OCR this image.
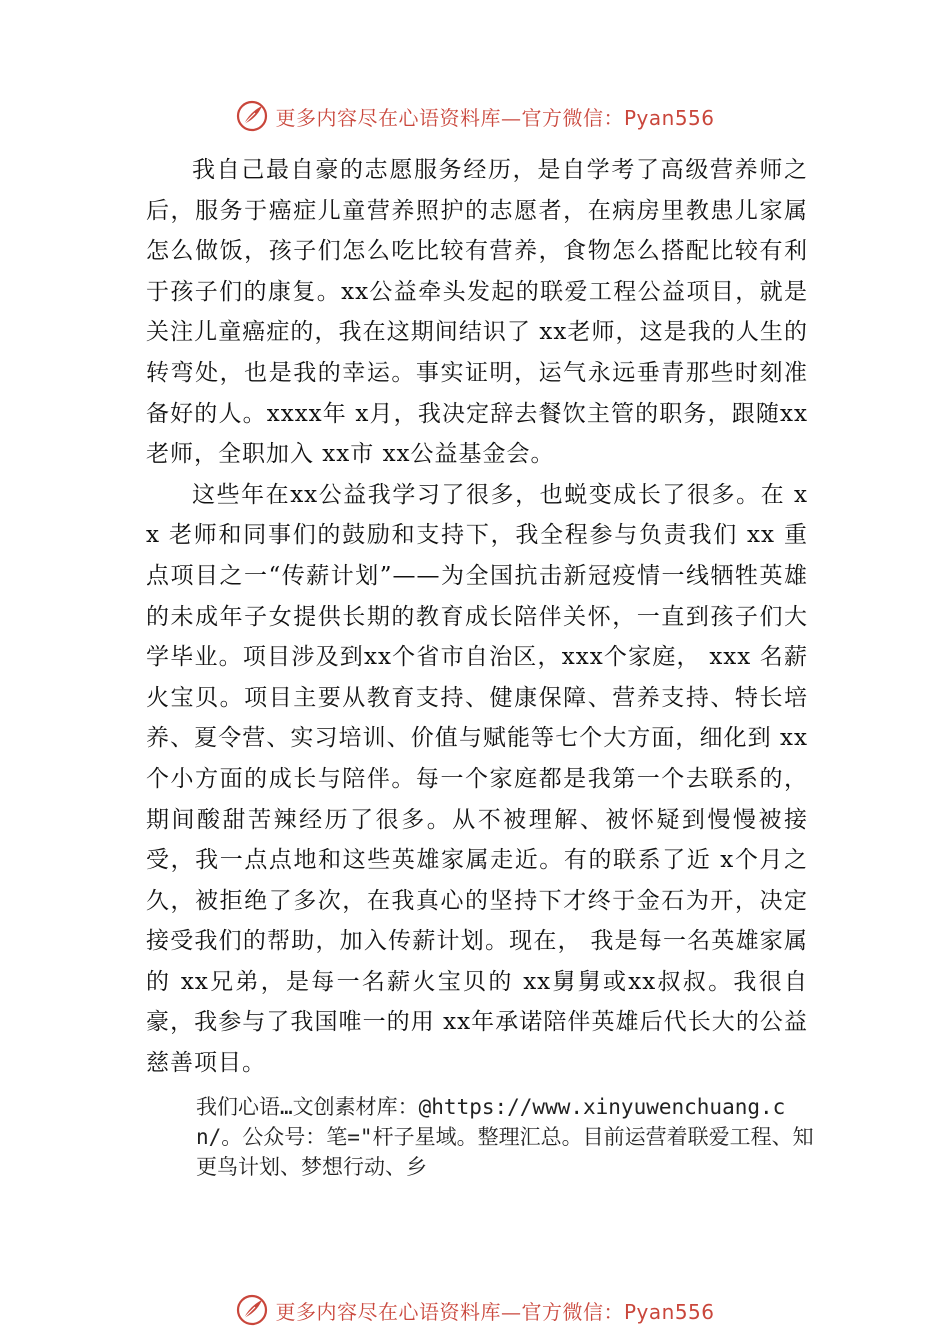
更多内容尽在心语资料库—官方微信：Pyan556

我自己最自豪的志愿服务经历，是自学考了高级营养师之后，服务于癌症儿童营养照护的志愿者，在病房里教患儿家属怎么做饭，孩子们怎么吃比较有营养，食物怎么搭配比较有利于孩子们的康复。xx公益牵头发起的联爱工程公益项目，就是关注儿童癌症的，我在这期间结识了 xx老师，这是我的人生的转弯处，也是我的幸运。事实证明，运气永远垂青那些时刻准备好的人。xxxx年 x月，我决定辞去餐饮主管的职务，跟随xx老师，全职加入 xx市 xx公益基金会。

这些年在xx公益我学习了很多，也蜕变成长了很多。在 xx 老师和同事们的鼓励和支持下，我全程参与负责我们 xx 重点项目之一“传薪计划”——为全国抗击新冠疫情一线牺牲英雄的未成年子女提供长期的教育成长陪伴关怀，一直到孩子们大学毕业。项目涉及到xx个省市自治区，xxx个家庭， xxx 名薪火宝贝。项目主要从教育支持、健康保障、营养支持、特长培养、夏令营、实习培训、价值与赋能等七个大方面，细化到 xx个小方面的成长与陪伴。每一个家庭都是我第一个去联系的，期间酸甜苦辣经历了很多。从不被理解、被怀疑到慢慢被接受，我一点点地和这些英雄家属走近。有的联系了近 x个月之久，被拒绝了多次，在我真心的坚持下才终于金石为开，决定接受我们的帮助，加入传薪计划。现在， 我是每一名英雄家属的 xx兄弟，是每一名薪火宝贝的 xx舅舅或xx叔叔。我很自豪，我参与了我国唯一的用 xx年承诺陪伴英雄后代长大的公益慈善项目。

我们心语…文创素材库：@https://www.xinyuwenchuang.cn/。公众号：笔="杆子星域。整理汇总。目前运营着联爱工程、知更鸟计划、梦想行动、乡
更多内容尽在心语资料库—官方微信：Pyan556
